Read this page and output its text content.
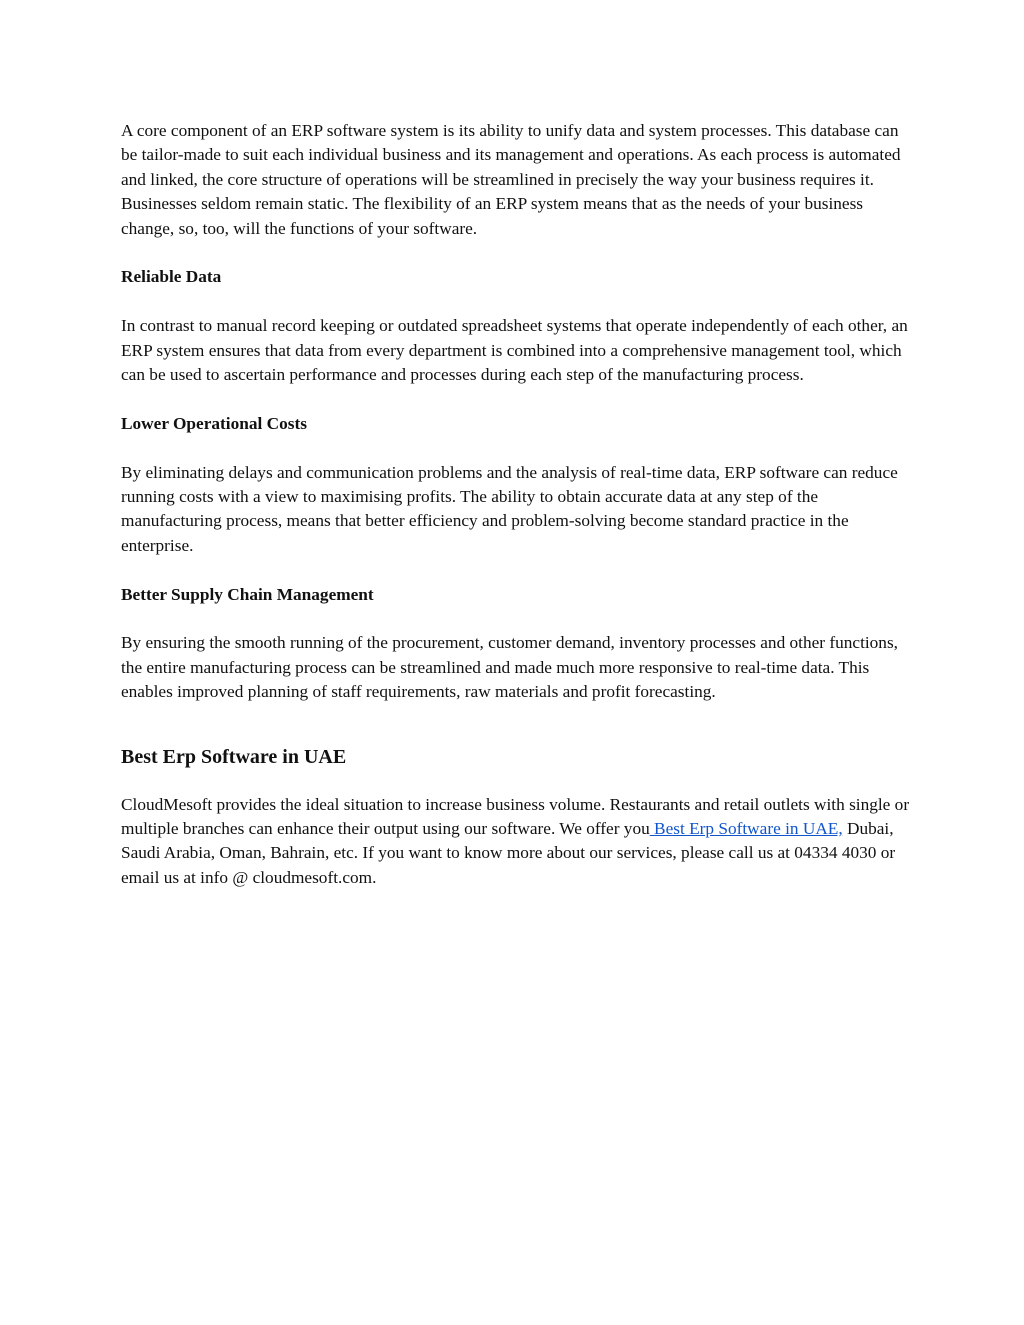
A core component of an ERP software system is its ability to unify data and system processes. This database can be tailor-made to suit each individual business and its management and operations. As each process is automated and linked, the core structure of operations will be streamlined in precisely the way your business requires it. Businesses seldom remain static. The flexibility of an ERP system means that as the needs of your business change, so, too, will the functions of your software.

Reliable Data

In contrast to manual record keeping or outdated spreadsheet systems that operate independently of each other, an ERP system ensures that data from every department is combined into a comprehensive management tool, which can be used to ascertain performance and processes during each step of the manufacturing process.

Lower Operational Costs

By eliminating delays and communication problems and the analysis of real-time data, ERP software can reduce running costs with a view to maximising profits. The ability to obtain accurate data at any step of the manufacturing process, means that better efficiency and problem-solving become standard practice in the enterprise.

Better Supply Chain Management

By ensuring the smooth running of the procurement, customer demand, inventory processes and other functions, the entire manufacturing process can be streamlined and made much more responsive to real-time data. This enables improved planning of staff requirements, raw materials and profit forecasting.

Best Erp Software in UAE

CloudMesoft provides the ideal situation to increase business volume. Restaurants and retail outlets with single or multiple branches can enhance their output using our software. We offer you Best Erp Software in UAE, Dubai, Saudi Arabia, Oman, Bahrain, etc. If you want to know more about our services, please call us at 04334 4030 or email us at info @ cloudmesoft.com.
